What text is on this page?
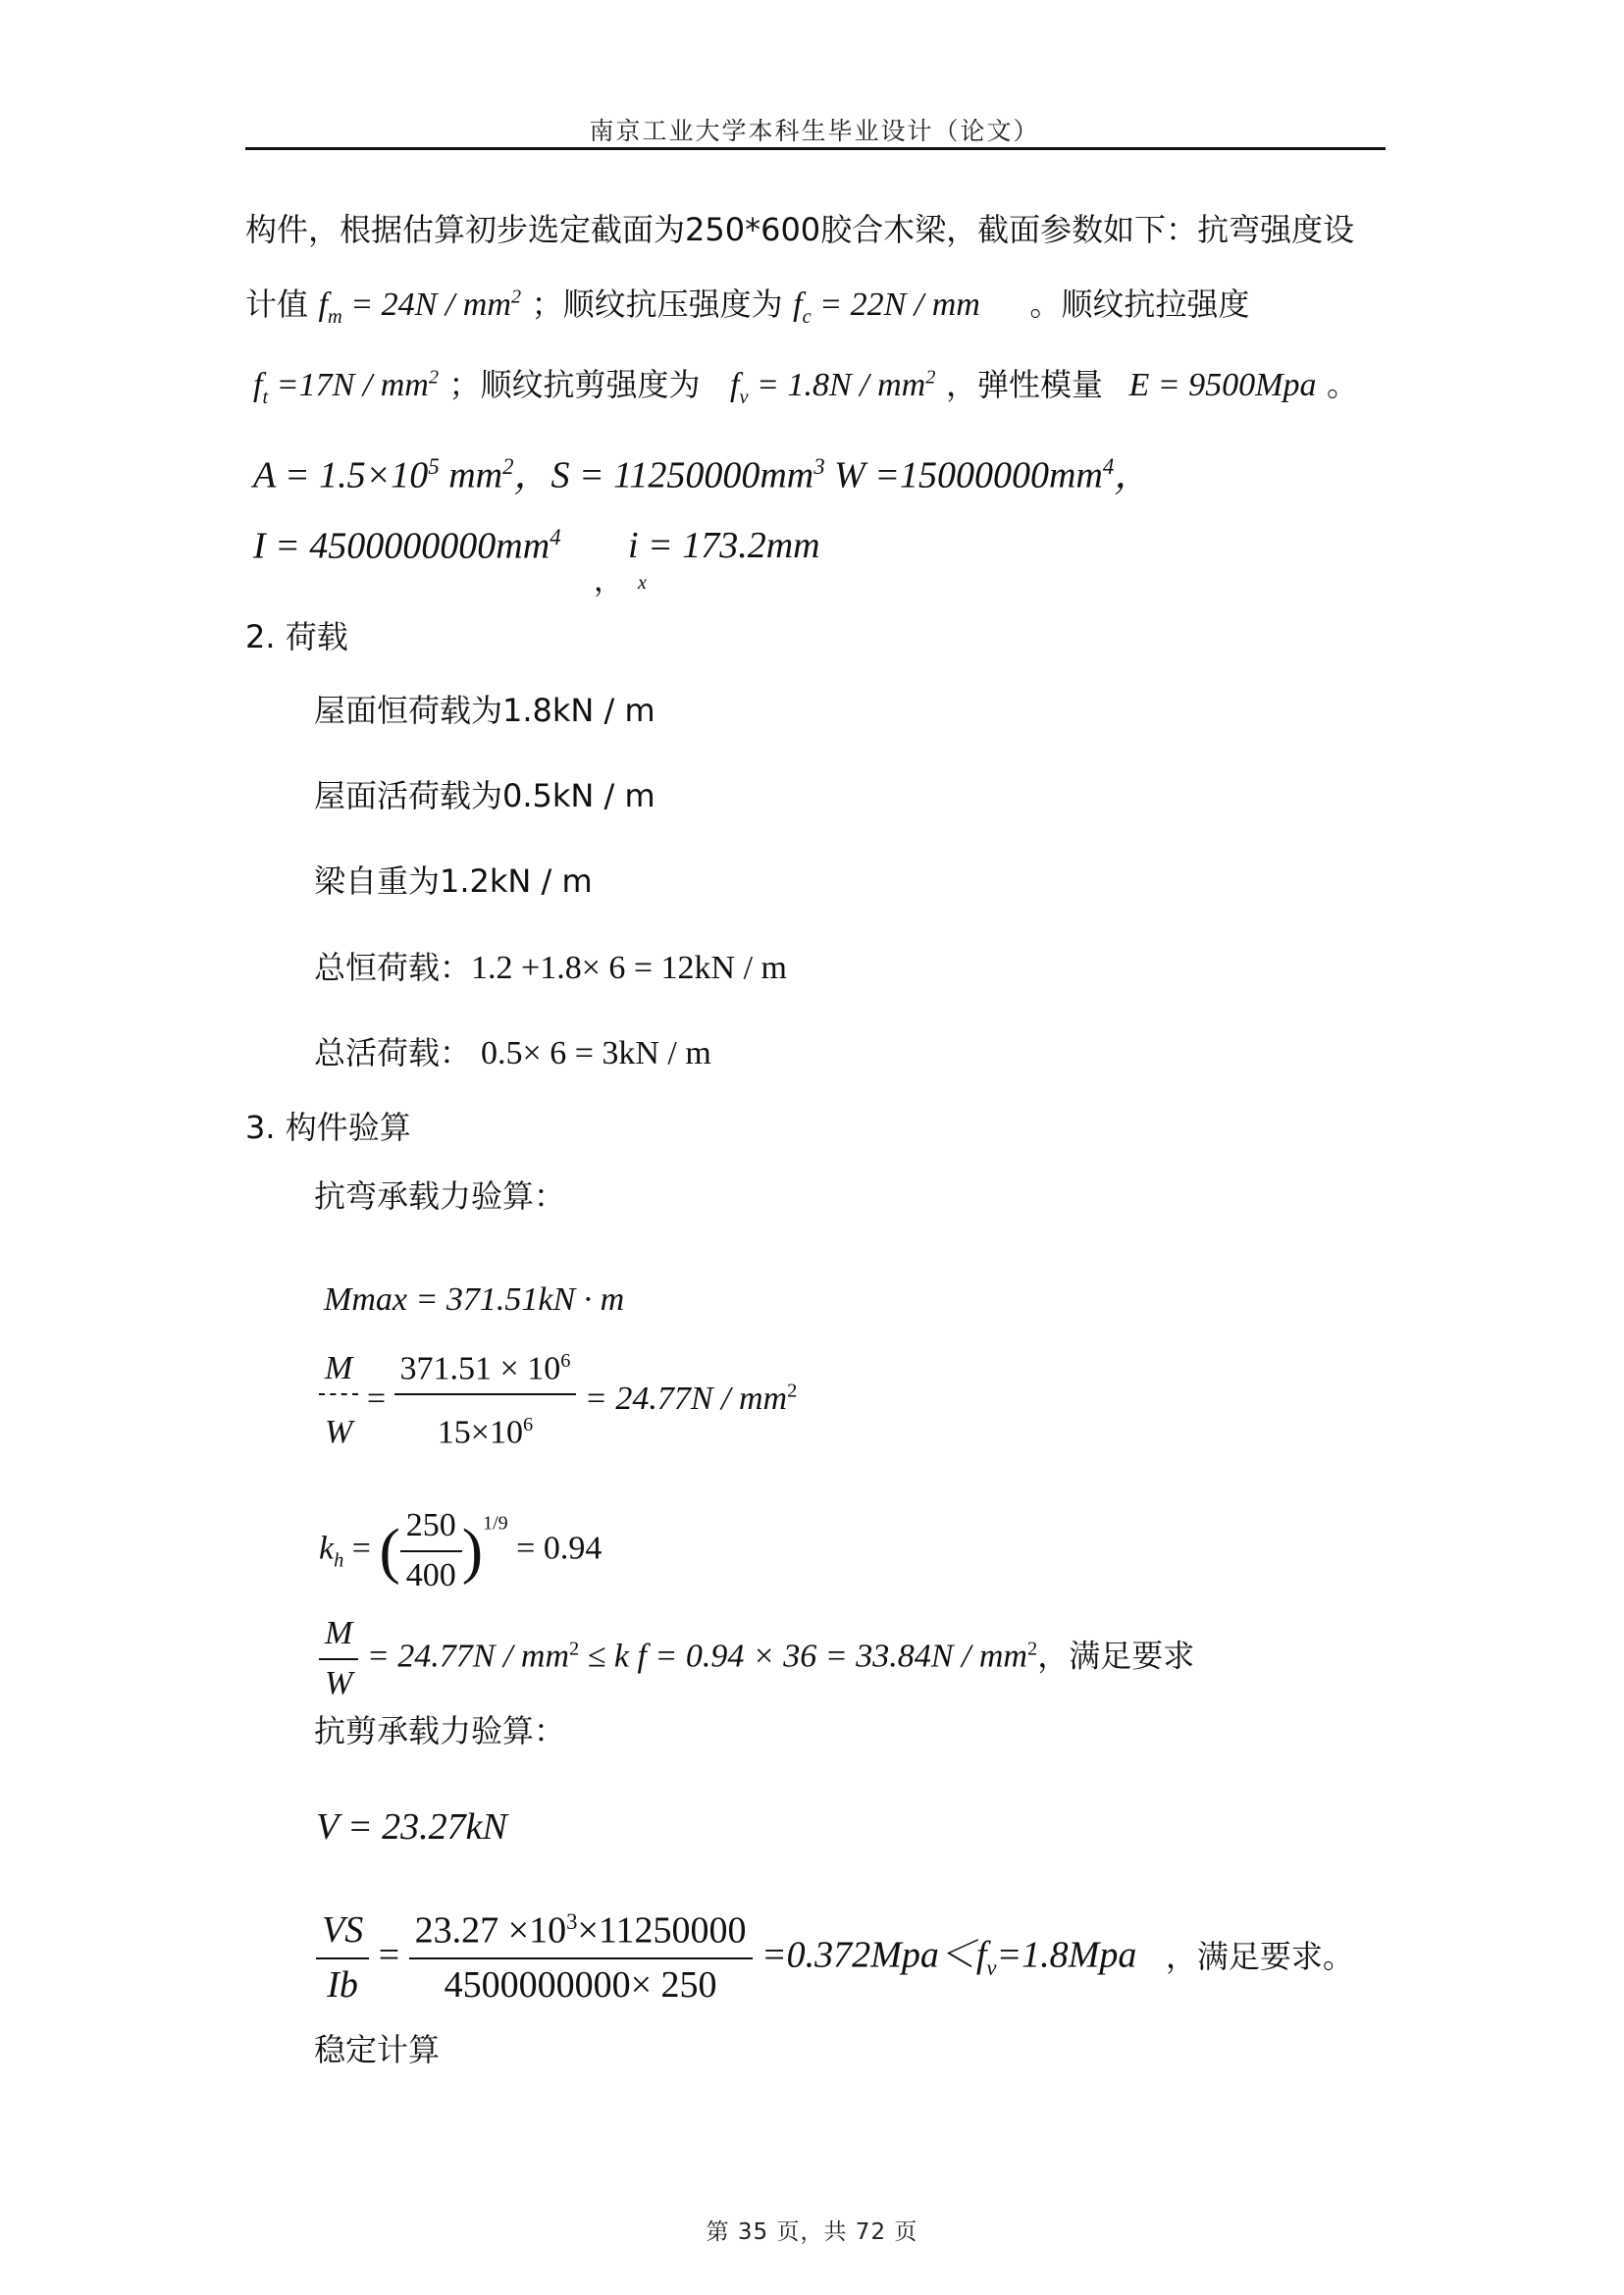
南京工业大学本科生毕业设计（论文）
构件，根据估算初步选定截面为250*600胶合木梁，截面参数如下：抗弯强度设
计值 $f_m = 24N / mm^2$ ；顺纹抗压强度为 $f_c = 22N$ / mm 。顺纹抗拉强度
$f_t =17N / mm^2$ ；顺纹抗剪强度为 $f_v = 1.8N / mm^2$ ，弹性模量 E = 9500Mpa 。
$A = 1.5\times 10^5$ $mm^2$，$S = 11250000mm^3$ $W =15000000mm^4$，
$I = 4500000000mm^4$
，
i = 173.2mm
x
2. 荷载
屋面恒荷载为1.8kN / m
屋面活荷载为0.5kN / m
梁自重为1.2kN / m
总恒荷载：1.2 +1.8× 6 = 12kN / m
总活荷载： 0.5× 6 = 3kN / m
3. 构件验算
抗弯承载力验算：
Mmax = 371.51kN · m
$\frac{M}{W} = \frac{371.51 \times 10^6}{15\times 10^6} = 24.77N / mm^2$
$k_h$ = ( $\frac{250}{400} )^{1/9} = 0.94$
$\frac{M}{W} = 24.77N / mm^2 \le k$ $f = 0.94 \times 36 = 33.84N / mm^2$，满足要求
抗剪承载力验算：
V = 23.27kN
$\frac{VS}{Ib} = \frac{23.27 \times 10^3\times 11250000}{4500000000\times 250} =0.372Mpa<f_v=1.8Mpa$ ，满足要求。
稳定计算
第 35 页，共 72 页
